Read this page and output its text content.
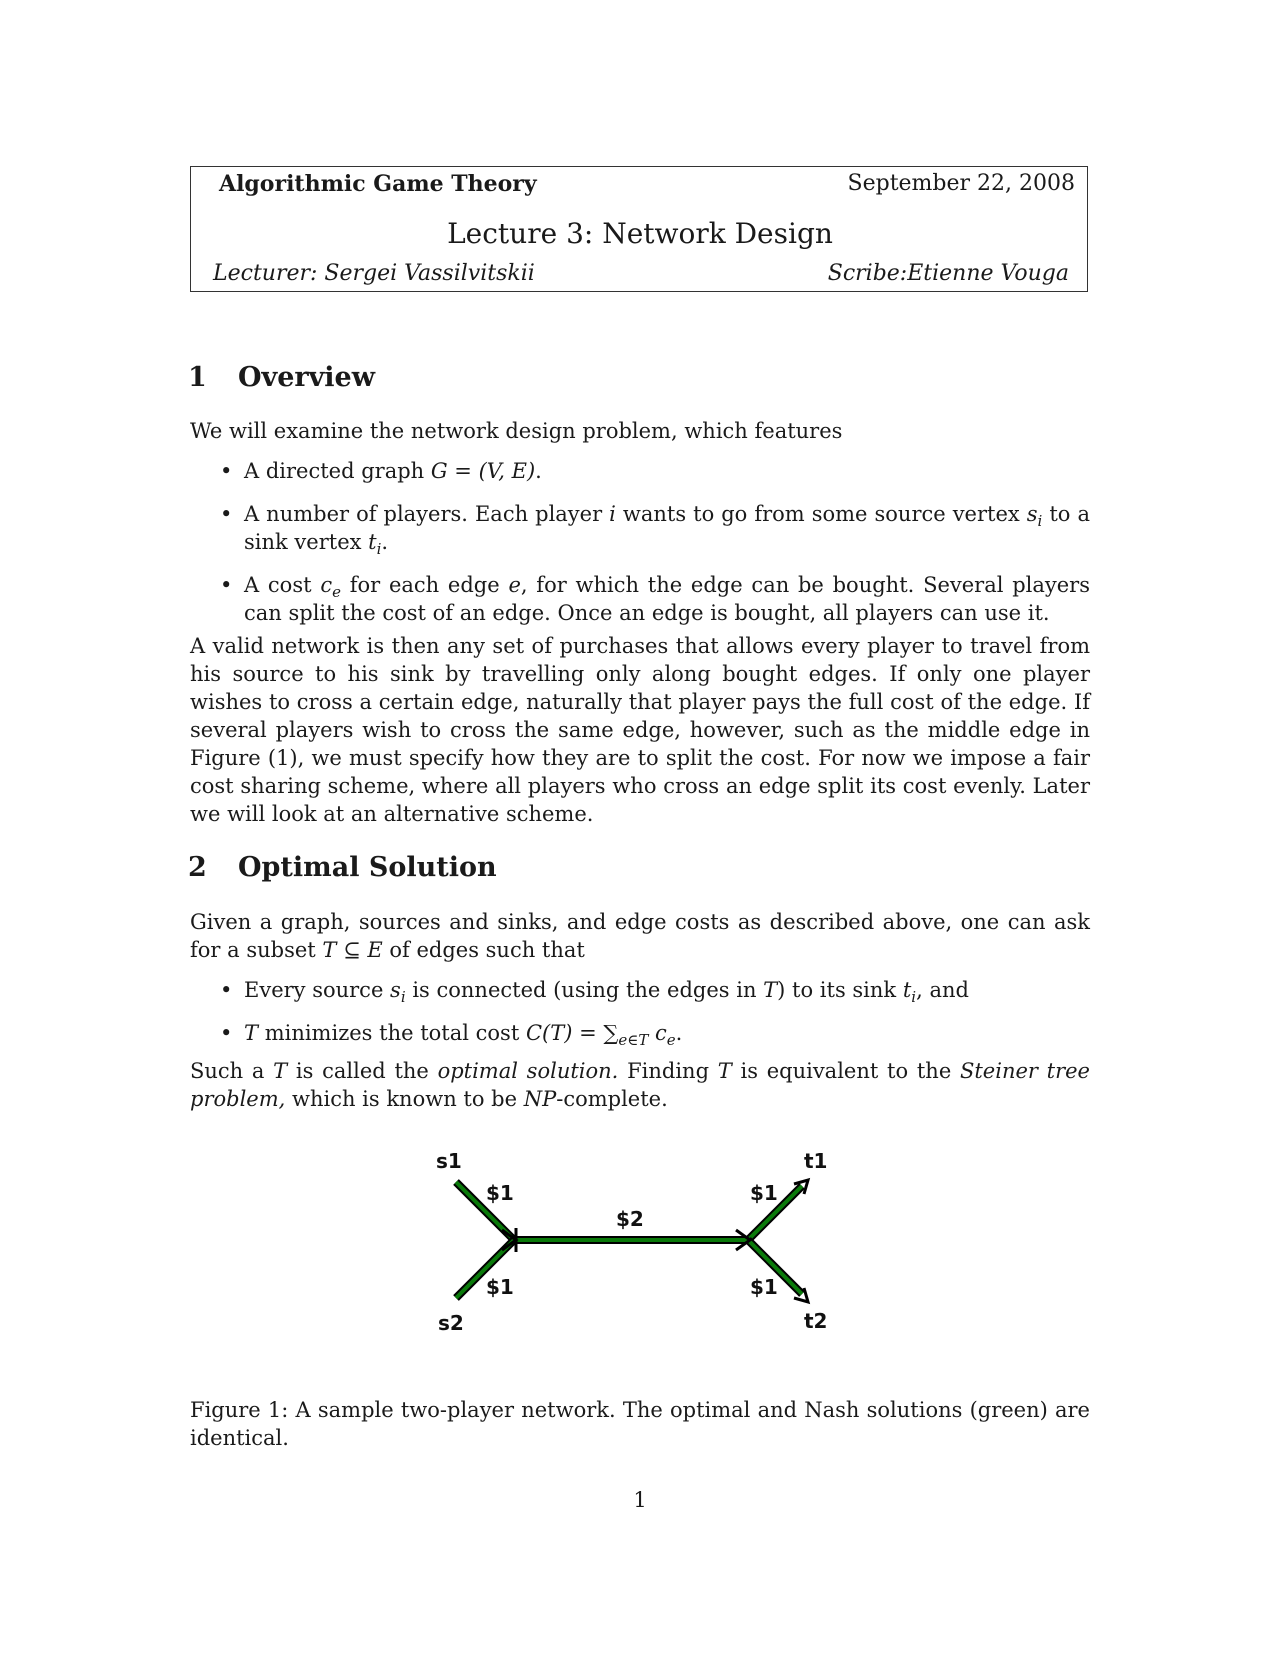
Algorithmic Game Theory	September 22, 2008
Lecture 3: Network Design
Lecturer: Sergei Vassilvitskii	Scribe:Etienne Vouga
1 Overview
We will examine the network design problem, which features
• A directed graph G = (V, E).
• A number of players. Each player i wants to go from some source vertex $s_i$ to a sink vertex $t_i$.
• A cost $c_e$ for each edge e, for which the edge can be bought. Several players can split the cost of an edge. Once an edge is bought, all players can use it.
A valid network is then any set of purchases that allows every player to travel from his source to his sink by travelling only along bought edges. If only one player wishes to cross a certain edge, naturally that player pays the full cost of the edge. If several players wish to cross the same edge, however, such as the middle edge in Figure (1), we must specify how they are to split the cost. For now we impose a fair cost sharing scheme, where all players who cross an edge split its cost evenly. Later we will look at an alternative scheme.
2 Optimal Solution
Given a graph, sources and sinks, and edge costs as described above, one can ask for a subset T ⊆ E of edges such that
• Every source $s_i$ is connected (using the edges in T) to its sink $t_i$, and
• T minimizes the total cost $C(T) = \sum_{e\in T}$ $c_e$.
Such a T is called the optimal solution. Finding T is equivalent to the Steiner tree problem, which is known to be NP-complete.
s1
s2
t1
t2
$1
$1
$2
$1
$1
Figure 1: A sample two-player network. The optimal and Nash solutions (green) are identical.
1
